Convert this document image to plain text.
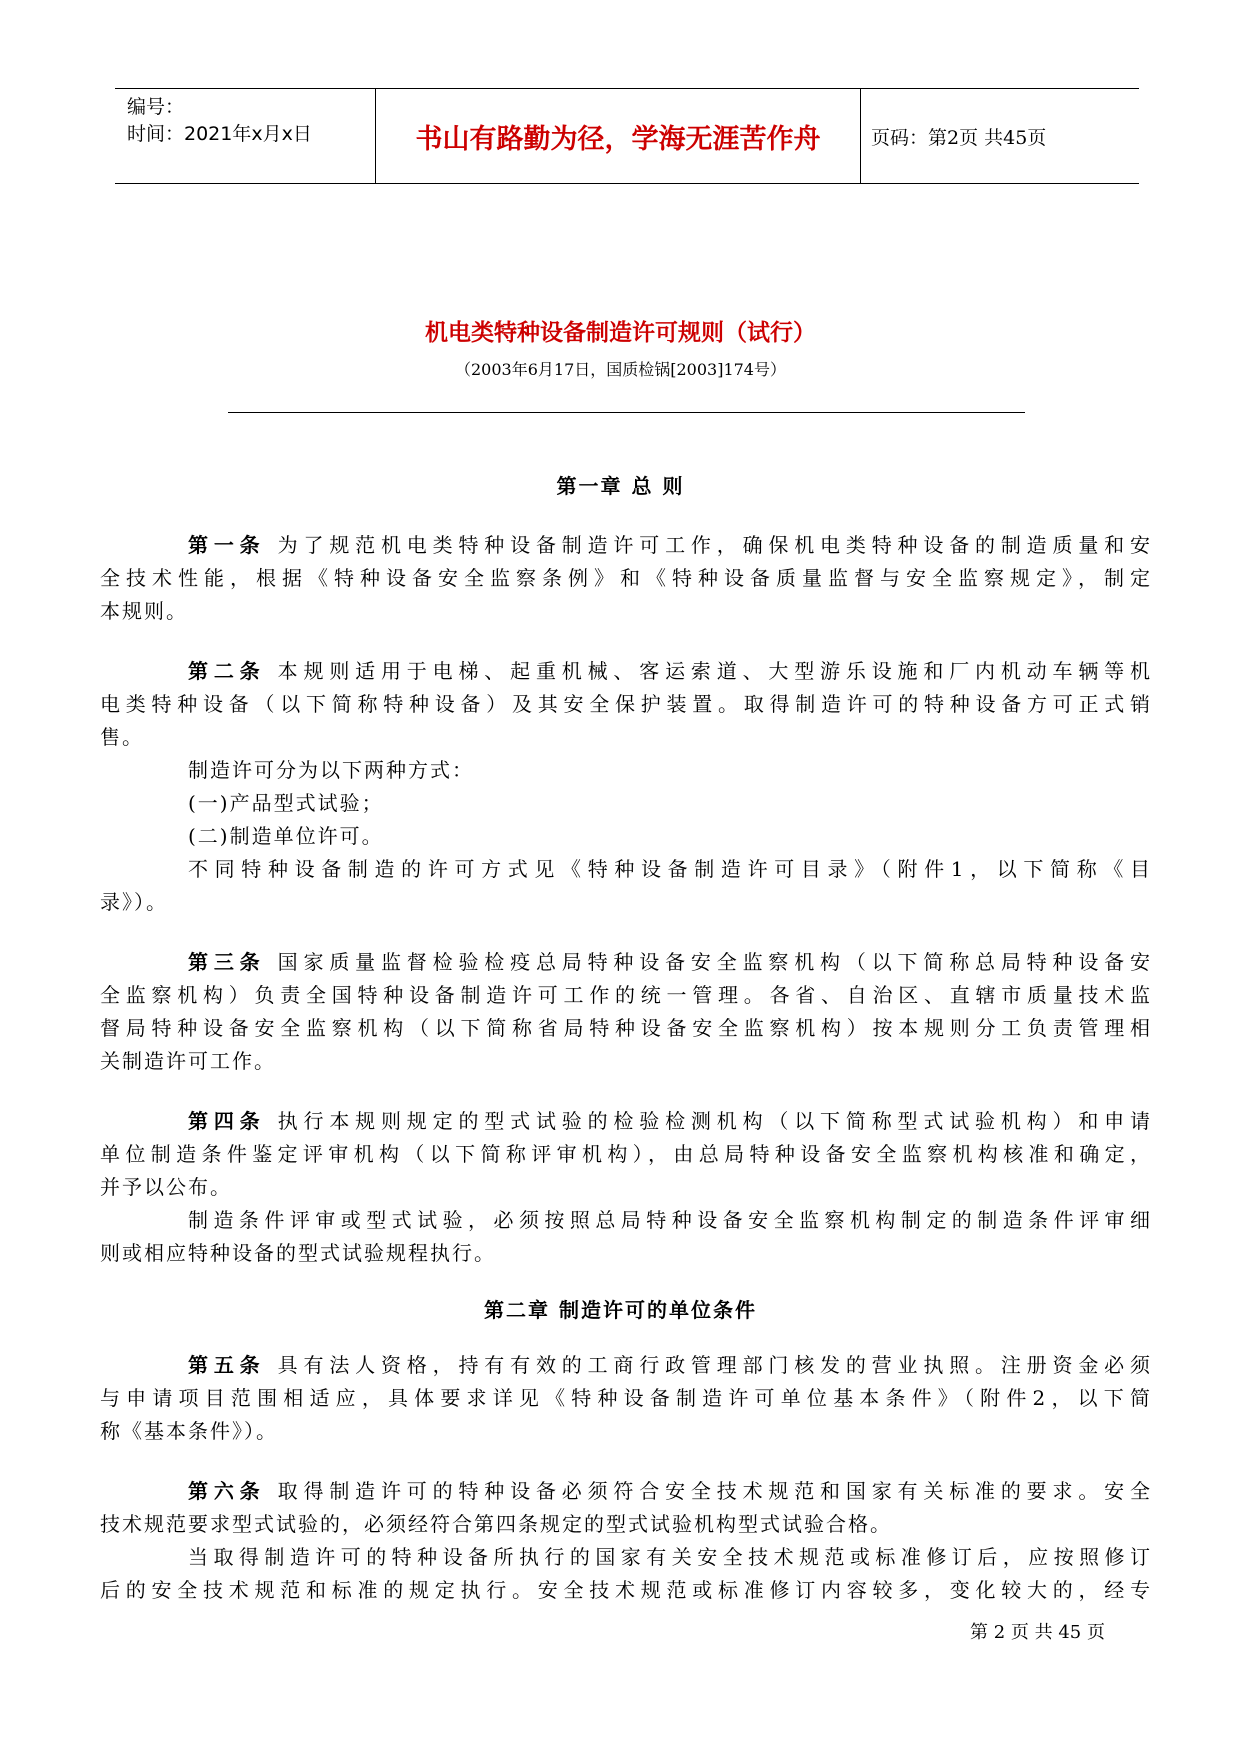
编号：
时间：2021年x月x日	书山有路勤为径，学海无涯苦作舟	页码：第2页 共45页
机电类特种设备制造许可规则（试行）
（2003年6月17日，国质检锅[2003]174号）
第一章 总 则
第一条 为了规范机电类特种设备制造许可工作，确保机电类特种设备的制造质量和安
全技术性能，根据《特种设备安全监察条例》和《特种设备质量监督与安全监察规定》，制定
本规则。
第二条 本规则适用于电梯、起重机械、客运索道、大型游乐设施和厂内机动车辆等机
电类特种设备（以下简称特种设备）及其安全保护装置。取得制造许可的特种设备方可正式销
售。
制造许可分为以下两种方式：
(一)产品型式试验；
(二)制造单位许可。
不同特种设备制造的许可方式见《特种设备制造许可目录》（附件1，以下简称《目
录》）。
第三条 国家质量监督检验检疫总局特种设备安全监察机构（以下简称总局特种设备安
全监察机构）负责全国特种设备制造许可工作的统一管理。各省、自治区、直辖市质量技术监
督局特种设备安全监察机构（以下简称省局特种设备安全监察机构）按本规则分工负责管理相
关制造许可工作。
第四条 执行本规则规定的型式试验的检验检测机构（以下简称型式试验机构）和申请
单位制造条件鉴定评审机构（以下简称评审机构），由总局特种设备安全监察机构核准和确定，
并予以公布。
制造条件评审或型式试验，必须按照总局特种设备安全监察机构制定的制造条件评审细
则或相应特种设备的型式试验规程执行。
第二章 制造许可的单位条件
第五条 具有法人资格，持有有效的工商行政管理部门核发的营业执照。注册资金必须
与申请项目范围相适应，具体要求详见《特种设备制造许可单位基本条件》（附件2，以下简
称《基本条件》）。
第六条 取得制造许可的特种设备必须符合安全技术规范和国家有关标准的要求。安全
技术规范要求型式试验的，必须经符合第四条规定的型式试验机构型式试验合格。
当取得制造许可的特种设备所执行的国家有关安全技术规范或标准修订后，应按照修订
后的安全技术规范和标准的规定执行。安全技术规范或标准修订内容较多，变化较大的，经专
第 2 页 共 45 页
